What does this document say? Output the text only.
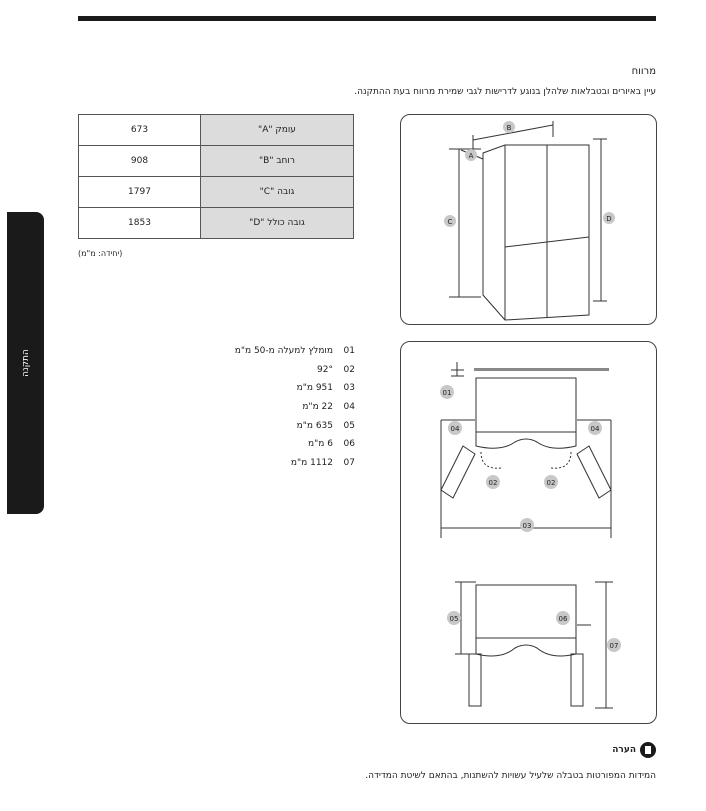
מרווח
עיין באיורים ובטבלאות שלהלן בנוגע לדרישות לגבי שמירת מרווח בעת ההתקנה.
התקנה
673	עומק "A"
908	רוחב "B"
1797	גובה "C"
1853	גובה כולל "D"
(יחידה: מ"מ)
מומלץ למעלה מ-50 מ"מ 01
92° 02
951 מ"מ 03
22 מ"מ 04
635 מ"מ 05
6 מ"מ 06
1112 מ"מ 07
B
A
C	D
01
04	04
02	02
03
05	06
07
הערה
המידות המפורטות בטבלה שלעיל עשויות להשתנות, בהתאם לשיטת המדידה.
